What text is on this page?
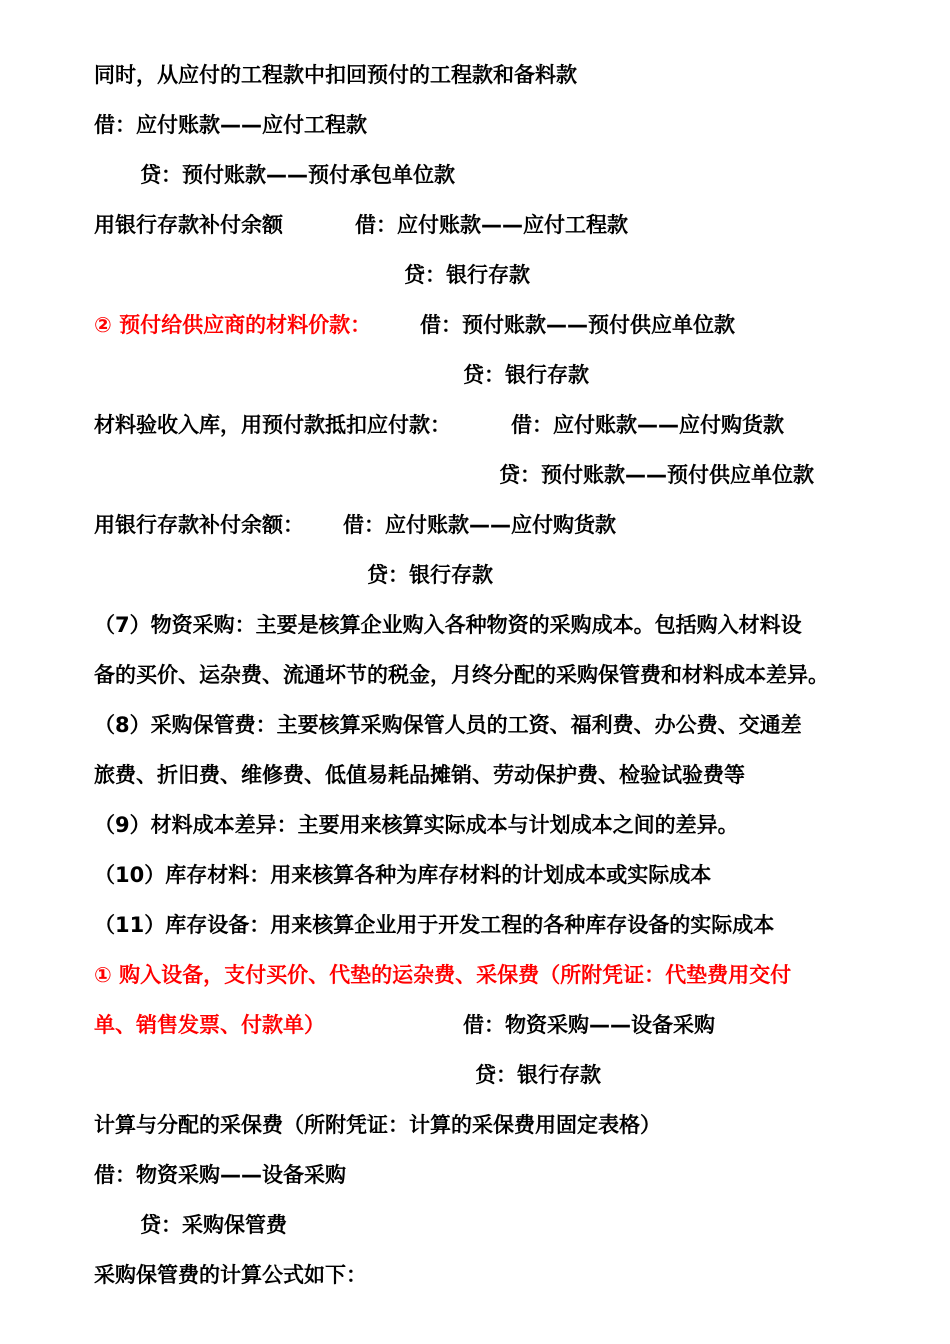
同时，从应付的工程款中扣回预付的工程款和备料款
借：应付账款——应付工程款
贷：预付账款——预付承包单位款
用银行存款补付余额	借：应付账款——应付工程款
贷：银行存款
② 预付给供应商的材料价款： 借：预付账款——预付供应单位款
贷：银行存款
材料验收入库，用预付款抵扣应付款：	借：应付账款——应付购货款
贷：预付账款——预付供应单位款
用银行存款补付余额： 借：应付账款——应付购货款
贷：银行存款
（7）物资采购：主要是核算企业购入各种物资的采购成本。包括购入材料设
备的买价、运杂费、流通坏节的税金，月终分配的采购保管费和材料成本差异。
（8）采购保管费：主要核算采购保管人员的工资、福利费、办公费、交通差
旅费、折旧费、维修费、低值易耗品摊销、劳动保护费、检验试验费等
（9）材料成本差异：主要用来核算实际成本与计划成本之间的差异。
（10）库存材料：用来核算各种为库存材料的计划成本或实际成本
（11）库存设备：用来核算企业用于开发工程的各种库存设备的实际成本
① 购入设备，支付买价、代垫的运杂费、采保费（所附凭证：代垫费用交付
单、销售发票、付款单）	借：物资采购——设备采购
贷：银行存款
计算与分配的采保费（所附凭证：计算的采保费用固定表格）
借：物资采购——设备采购
贷：采购保管费
采购保管费的计算公式如下：
